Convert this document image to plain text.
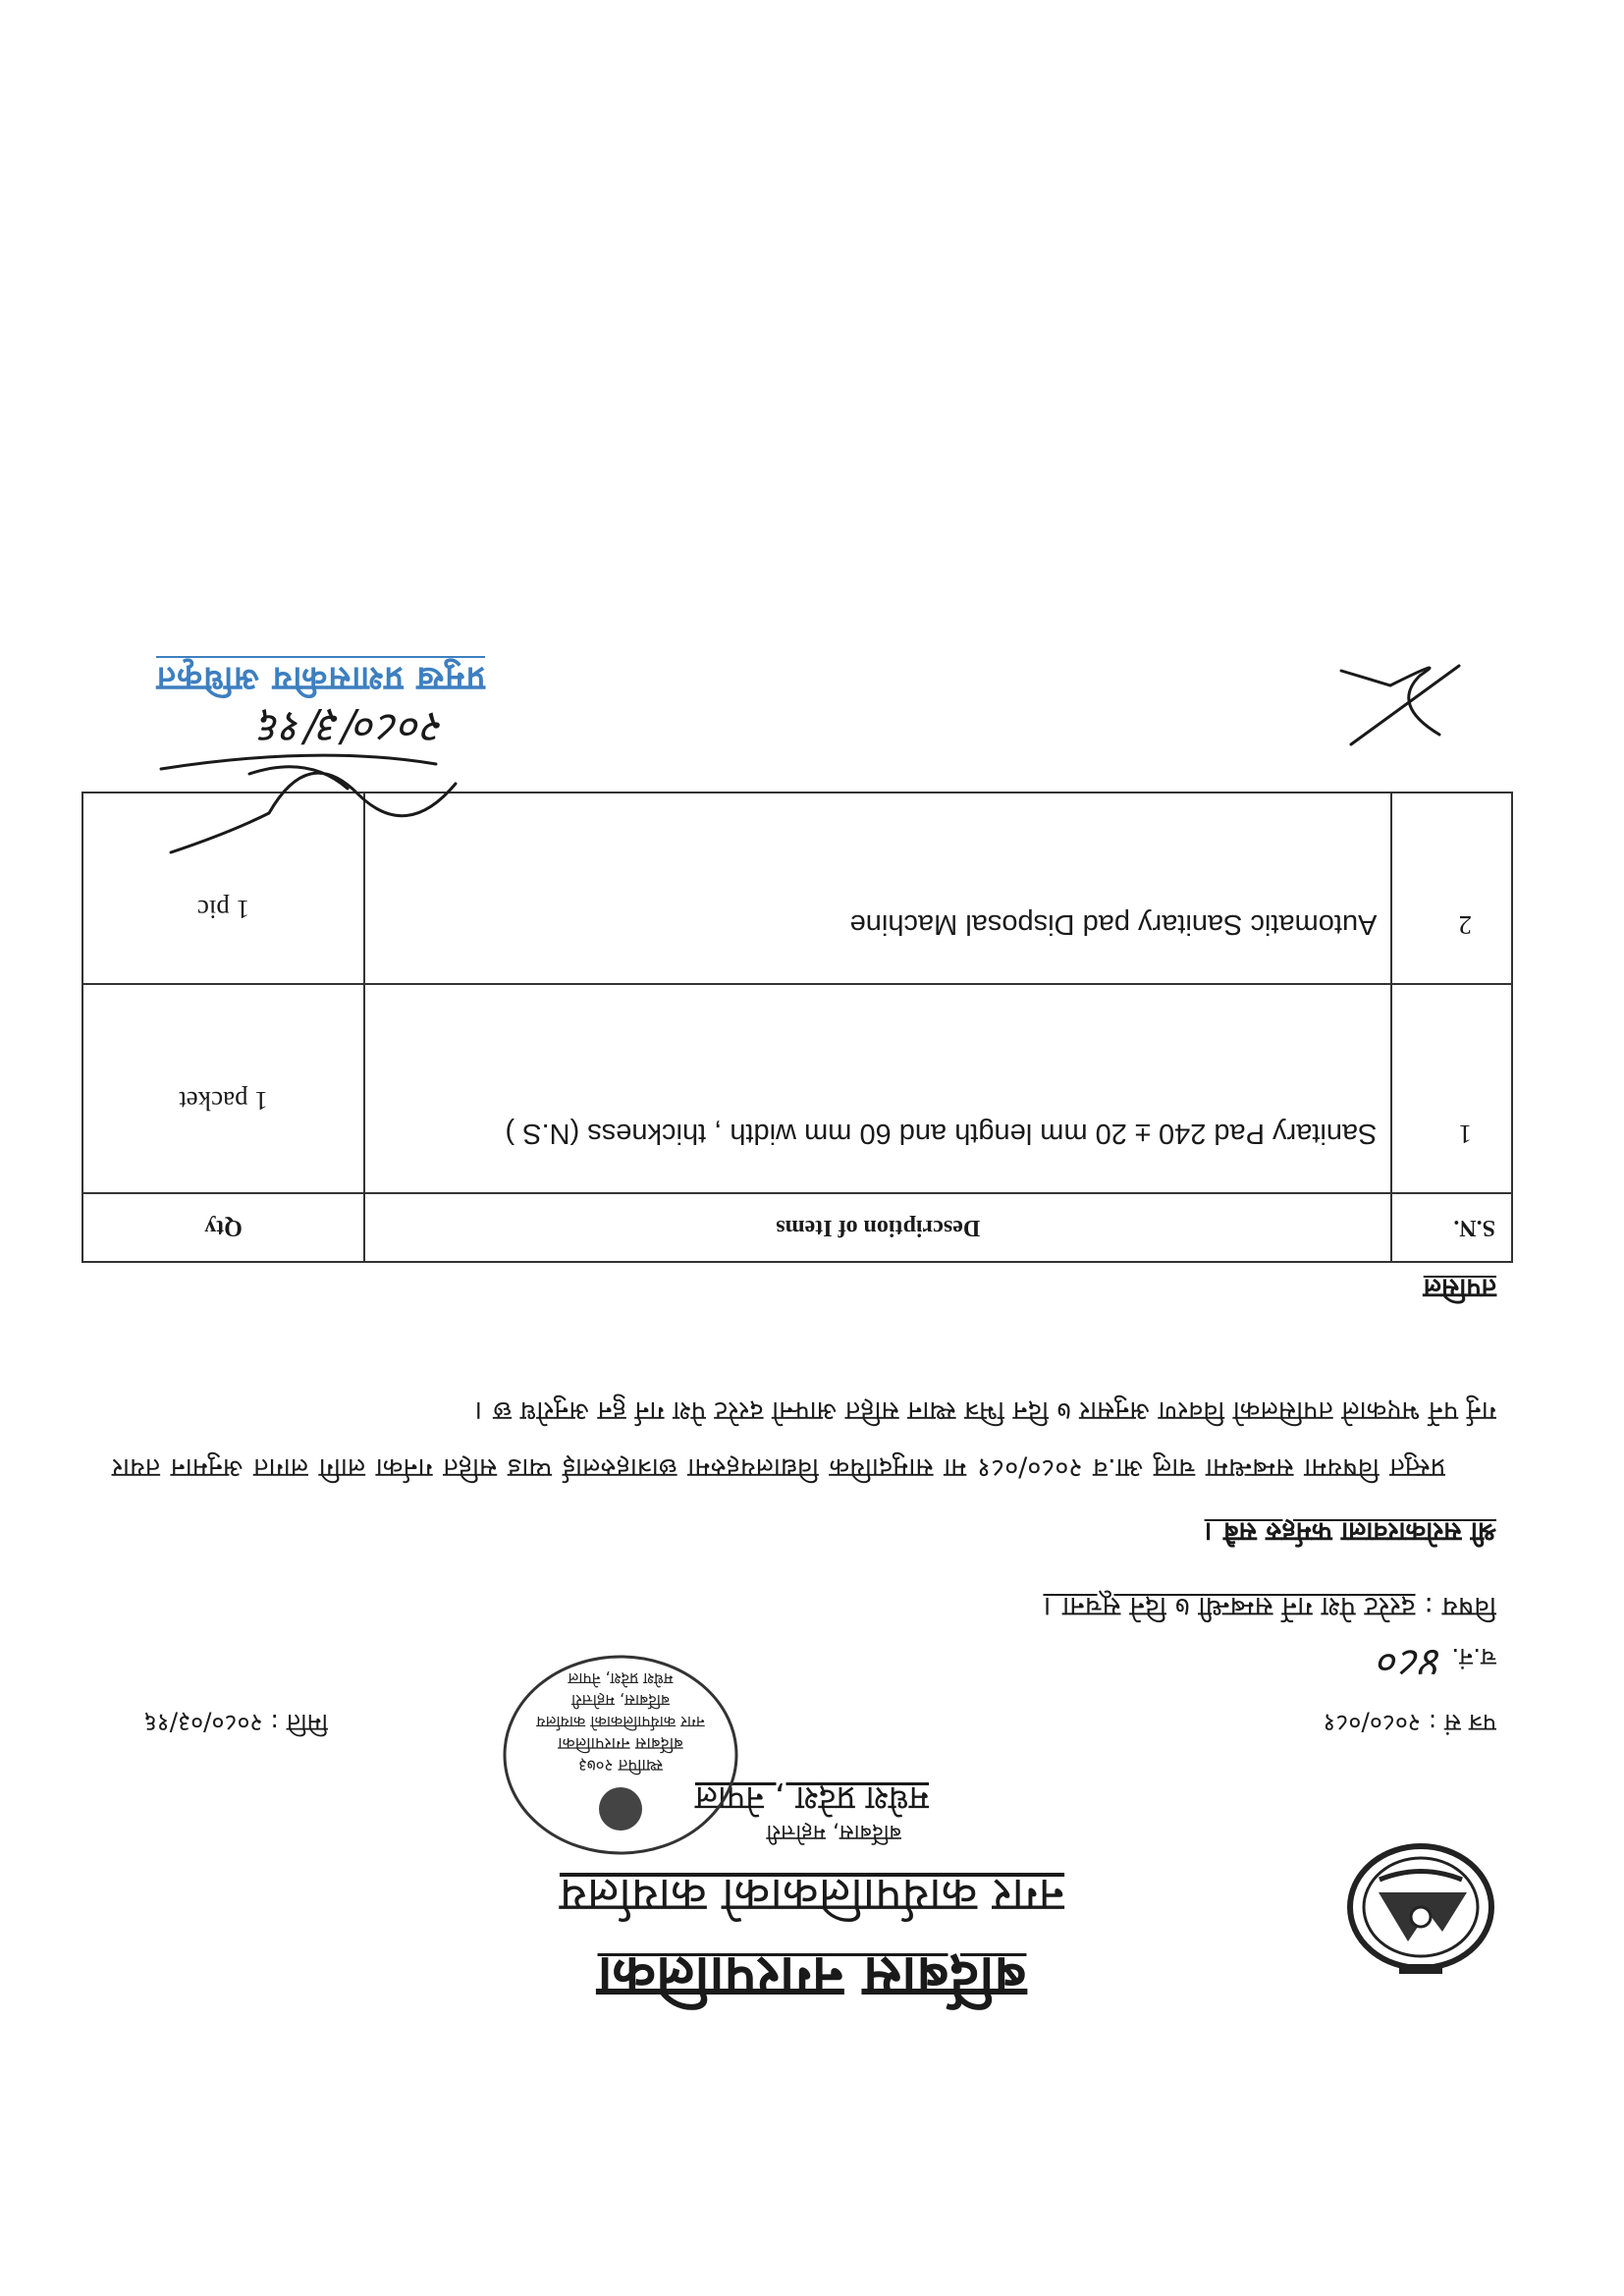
बर्दिबास नगरपालिका
नगर कार्यपालिकाको कार्यालय
बर्दिबास, महोत्तरी
मधेश प्रदेश , नेपाल
स्थापित २०७३
बर्दिबास नगरपालिका
नगर कार्यपालिकाको कार्यालय
बर्दिबास, महोत्तरी
मधेश प्रदेश, नेपाल
पत्र सं : २०८०/०८१
च.नं. ४८०
मिति : २०८०/०३/१६
विषय : दररेट पेश गर्ने सम्बन्धी ७ दिने सूचना ।
श्री सरोकारवाला फर्महरु सबै ।

प्रस्तुत विषयमा सम्बन्धमा चालु आ.व २०८०/०८१ मा सामुदायिक विद्यालयहरुमा छात्राहरुलाई प्याड सहित गर्नका लागि लागत अनुमान तयार गर्नु पर्ने भएकाले तपसिलको विवरण अनुसार ७ दिन भित्र स्थान सहित आफ्नो दररेट पेश गर्न हुन अनुरोध छ ।

तपसिल
S.N.	Description of Items	Qty
1	Sanitary Pad 240 ± 20 mm length and 60 mm width , thickness (N.S )	1 packet
2	Automatic Sanitary pad Disposal Machine	1 pic
२०८०/३/१६
प्रमुख प्रशासकीय अधिकृत
